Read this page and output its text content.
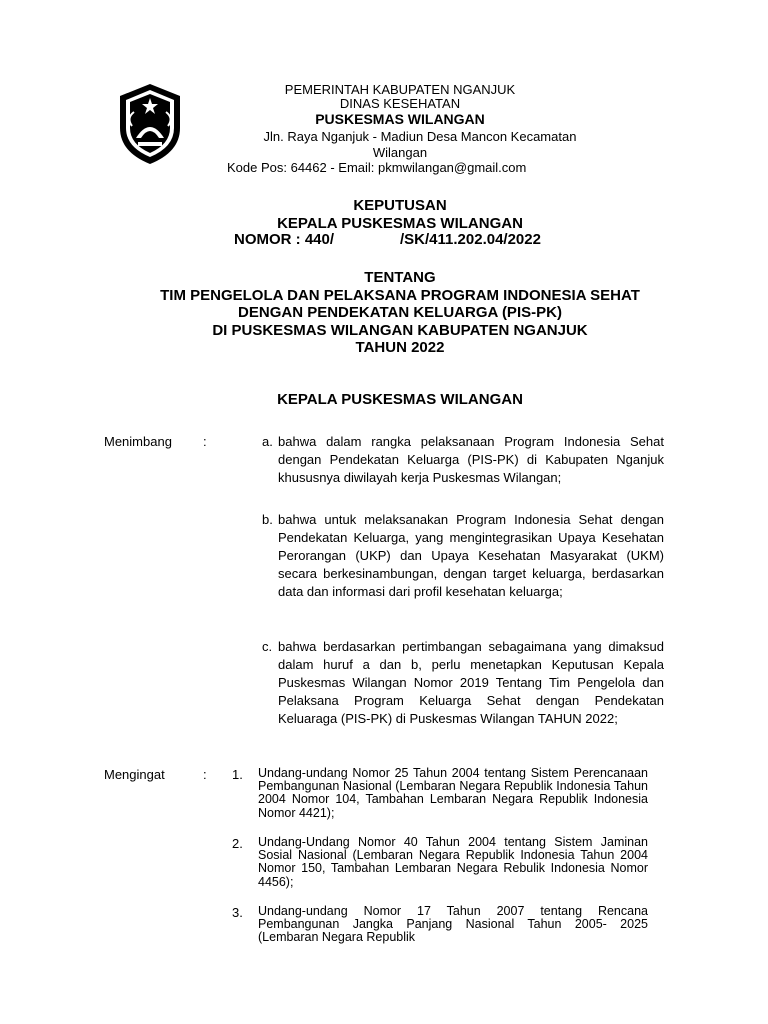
PEMERINTAH KABUPATEN NGANJUK
DINAS KESEHATAN
PUSKESMAS WILANGAN
Jln. Raya Nganjuk - Madiun Desa Mancon Kecamatan
Wilangan
Kode Pos: 64462 - Email: pkmwilangan@gmail.com
KEPUTUSAN
KEPALA PUSKESMAS WILANGAN
NOMOR : 440/	/SK/411.202.04/2022
TENTANG
TIM PENGELOLA DAN PELAKSANA PROGRAM INDONESIA SEHAT
DENGAN PENDEKATAN KELUARGA (PIS-PK)
DI PUSKESMAS WILANGAN KABUPATEN NGANJUK
TAHUN 2022
KEPALA PUSKESMAS WILANGAN
Menimbang :	a. bahwa dalam rangka pelaksanaan Program Indonesia Sehat dengan Pendekatan Keluarga (PIS-PK) di Kabupaten Nganjuk khususnya diwilayah kerja Puskesmas Wilangan;
b. bahwa untuk melaksanakan Program Indonesia Sehat dengan Pendekatan Keluarga, yang mengintegrasikan Upaya Kesehatan Perorangan (UKP) dan Upaya Kesehatan Masyarakat (UKM) secara berkesinambungan, dengan target keluarga, berdasarkan data dan informasi dari profil kesehatan keluarga;
c. bahwa berdasarkan pertimbangan sebagaimana yang dimaksud dalam huruf a dan b, perlu menetapkan Keputusan Kepala Puskesmas Wilangan Nomor 2019 Tentang Tim Pengelola dan Pelaksana Program Keluarga Sehat dengan Pendekatan Keluaraga (PIS-PK) di Puskesmas Wilangan TAHUN 2022;
Mengingat	: 1. Undang-undang Nomor 25 Tahun 2004 tentang Sistem Perencanaan Pembangunan Nasional (Lembaran Negara Republik Indonesia Tahun 2004 Nomor 104, Tambahan Lembaran Negara Republik Indonesia Nomor 4421);
2. Undang-Undang Nomor 40 Tahun 2004 tentang Sistem Jaminan Sosial Nasional (Lembaran Negara Republik Indonesia Tahun 2004 Nomor 150, Tambahan Lembaran Negara Rebulik Indonesia Nomor 4456);
3. Undang-undang Nomor 17 Tahun 2007 tentang Rencana Pembangunan Jangka Panjang Nasional Tahun 2005- 2025 (Lembaran Negara Republik
